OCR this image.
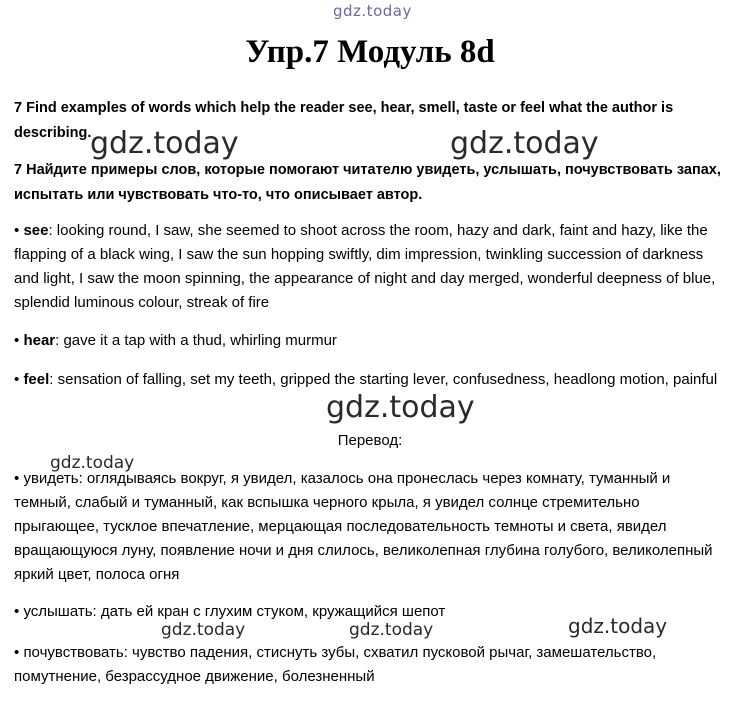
gdz.today
Упр.7 Модуль 8d
7 Find examples of words which help the reader see, hear, smell, taste or feel what the author is describing.
gdz.today	gdz.today
7 Найдите примеры слов, которые помогают читателю увидеть, услышать, почувствовать запах, испытать или чувствовать что-то, что описывает автор.
• see: looking round, I saw, she seemed to shoot across the room, hazy and dark, faint and hazy, like the flapping of a black wing, I saw the sun hopping swiftly, dim impression, twinkling succession of darkness and light, I saw the moon spinning, the appearance of night and day merged, wonderful deepness of blue, splendid luminous colour, streak of fire
• hear: gave it a tap with a thud, whirling murmur
• feel: sensation of falling, set my teeth, gripped the starting lever, confusedness, headlong motion, painful
gdz.today
Перевод:
gdz.today
• увидеть: оглядываясь вокруг, я увидел, казалось она пронеслась через комнату, туманный и темный, слабый и туманный, как вспышка черного крыла, я увидел солнце стремительно прыгающее, тусклое впечатление, мерцающая последовательность темноты и света, явидел вращающуюся луну, появление ночи и дня слилось, великолепная глубина голубого, великолепный яркий цвет, полоса огня
• услышать: дать ей кран с глухим стуком, кружащийся шепот
gdz.today	gdz.today	gdz.today
• почувствовать: чувство падения, стиснуть зубы, схватил пусковой рычаг, замешательство, помутнение, безрассудное движение, болезненный
